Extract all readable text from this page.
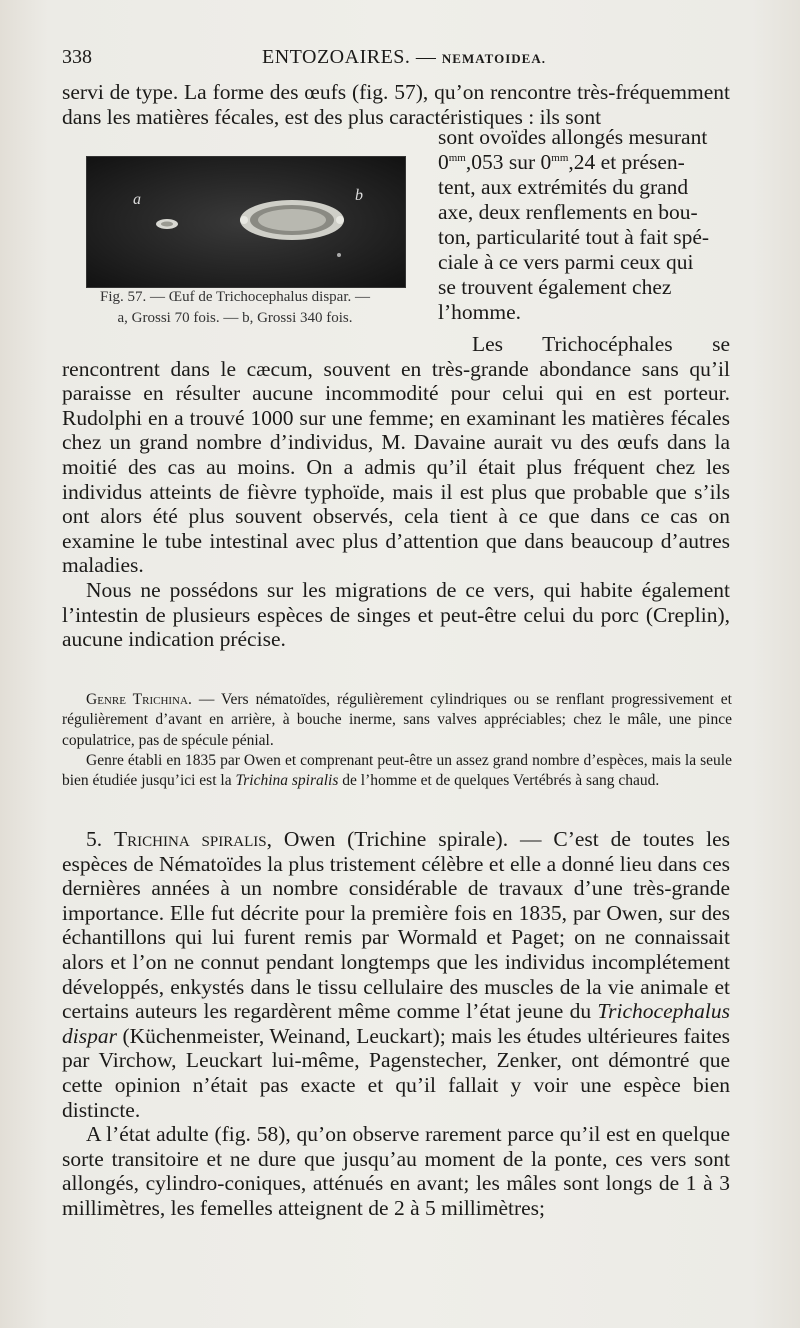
338	ENTOZOAIRES. — NEMATOIDEA.

servi de type. La forme des œufs (fig. 57), qu’on rencontre très-fréquemment dans les matières fécales, est des plus caractéristiques : ils sont

a	b
Fig. 57. — Œuf de Trichocephalus dispar. —
a, Grossi 70 fois. — b, Grossi 340 fois.

sont ovoïdes allongés mesurant

$0^{mm},053$ sur $0^{mm},24$ et présen-

tent, aux extrémités du grand

axe, deux renflements en bou-

ton, particularité tout à fait spé-

ciale à ce vers parmi ceux qui

se trouvent également chez

l’homme.

Les Trichocéphales se rencontrent dans le cæcum, souvent en très-grande abondance sans qu’il paraisse en résulter aucune incommodité pour celui qui en est porteur. Rudolphi en a trouvé 1000 sur une femme; en examinant les matières fécales chez un grand nombre d’individus, M. Davaine aurait vu des œufs dans la moitié des cas au moins. On a admis qu’il était plus fréquent chez les individus atteints de fièvre typhoïde, mais il est plus que probable que s’ils ont alors été plus souvent observés, cela tient à ce que dans ce cas on examine le tube intestinal avec plus d’attention que dans beaucoup d’autres maladies.

Nous ne possédons sur les migrations de ce vers, qui habite également l’intestin de plusieurs espèces de singes et peut-être celui du porc (Creplin), aucune indication précise.

Genre Trichina. — Vers nématoïdes, régulièrement cylindriques ou se renflant progressivement et régulièrement d’avant en arrière, à bouche inerme, sans valves appréciables; chez le mâle, une pince copulatrice, pas de spécule pénial.

Genre établi en 1835 par Owen et comprenant peut-être un assez grand nombre d’espèces, mais la seule bien étudiée jusqu’ici est la Trichina spiralis de l’homme et de quelques Vertébrés à sang chaud.

5. Trichina spiralis, Owen (Trichine spirale). — C’est de toutes les espèces de Nématoïdes la plus tristement célèbre et elle a donné lieu dans ces dernières années à un nombre considérable de travaux d’une très-grande importance. Elle fut décrite pour la première fois en 1835, par Owen, sur des échantillons qui lui furent remis par Wormald et Paget; on ne connaissait alors et l’on ne connut pendant longtemps que les individus incomplétement développés, enkystés dans le tissu cellulaire des muscles de la vie animale et certains auteurs les regardèrent même comme l’état jeune du Trichocephalus dispar (Küchenmeister, Weinand, Leuckart); mais les études ultérieures faites par Virchow, Leuckart lui-même, Pagenstecher, Zenker, ont démontré que cette opinion n’était pas exacte et qu’il fallait y voir une espèce bien distincte.

A l’état adulte (fig. 58), qu’on observe rarement parce qu’il est en quelque sorte transitoire et ne dure que jusqu’au moment de la ponte, ces vers sont allongés, cylindro-coniques, atténués en avant; les mâles sont longs de 1 à 3 millimètres, les femelles atteignent de 2 à 5 millimètres;
